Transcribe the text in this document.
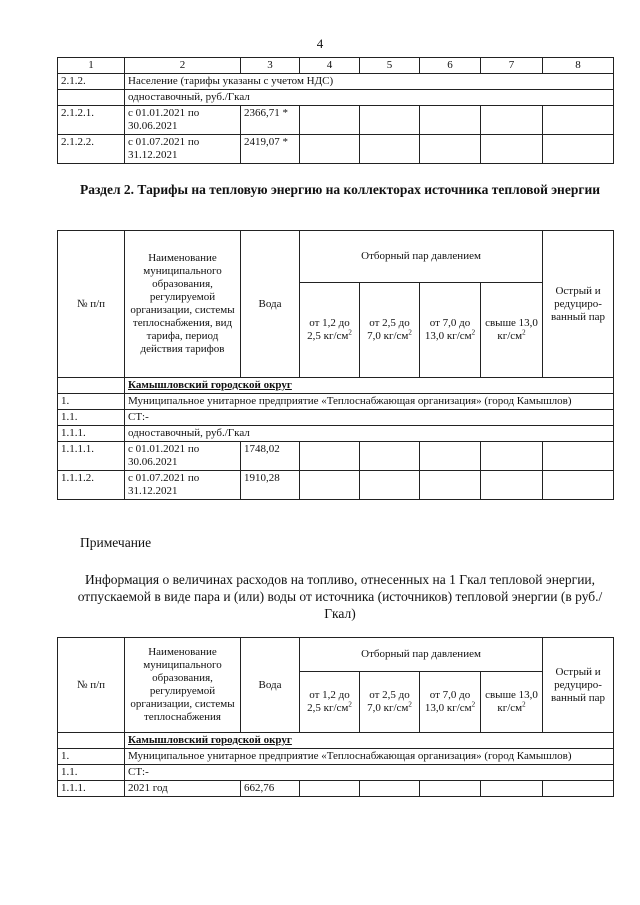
4
1	2	3	4	5	6	7	8
2.1.2.	Население (тарифы указаны с учетом НДС)						
	одноставочный, руб./Гкал						
2.1.2.1.	с 01.01.2021 по 30.06.2021	2366,71 *					
2.1.2.2.	с 01.07.2021 по 31.12.2021	2419,07 *					
Раздел 2. Тарифы на тепловую энергию на коллекторах источника тепловой энергии
№ п/п	Наименование муниципального образования, регулируемой организации, системы теплоснабжения, вид тарифа, период действия тарифов	Вода	Отборный пар давлением				Острый и редуциро-ванный пар
			от 1,2 до 2,5 $кг/см^2$	от 2,5 до 7,0 $кг/см^2$	от 7,0 до 13,0 $кг/см^2$	свыше 13,0 $кг/см^2$
	Камышловский городской округ						
1.	Муниципальное унитарное предприятие «Теплоснабжающая организация» (город Камышлов)						
1.1.	СТ:-						
1.1.1.	одноставочный, руб./Гкал						
1.1.1.1.	с 01.01.2021 по 30.06.2021	1748,02					
1.1.1.2.	с 01.07.2021 по 31.12.2021	1910,28					
Примечание
Информация о величинах расходов на топливо, отнесенных на 1 Гкал тепловой энергии, отпускаемой в виде пара и (или) воды от источника (источников) тепловой энергии (в руб./Гкал)
№ п/п	Наименование муниципального образования, регулируемой организации, системы теплоснабжения	Вода	Отборный пар давлением				Острый и редуциро-ванный пар
			от 1,2 до 2,5 $кг/см^2$	от 2,5 до 7,0 $кг/см^2$	от 7,0 до 13,0 $кг/см^2$	свыше 13,0 $кг/см^2$
	Камышловский городской округ						
1.	Муниципальное унитарное предприятие «Теплоснабжающая организация» (город Камышлов)						
1.1.	СТ:-						
1.1.1.	2021 год	662,76					
